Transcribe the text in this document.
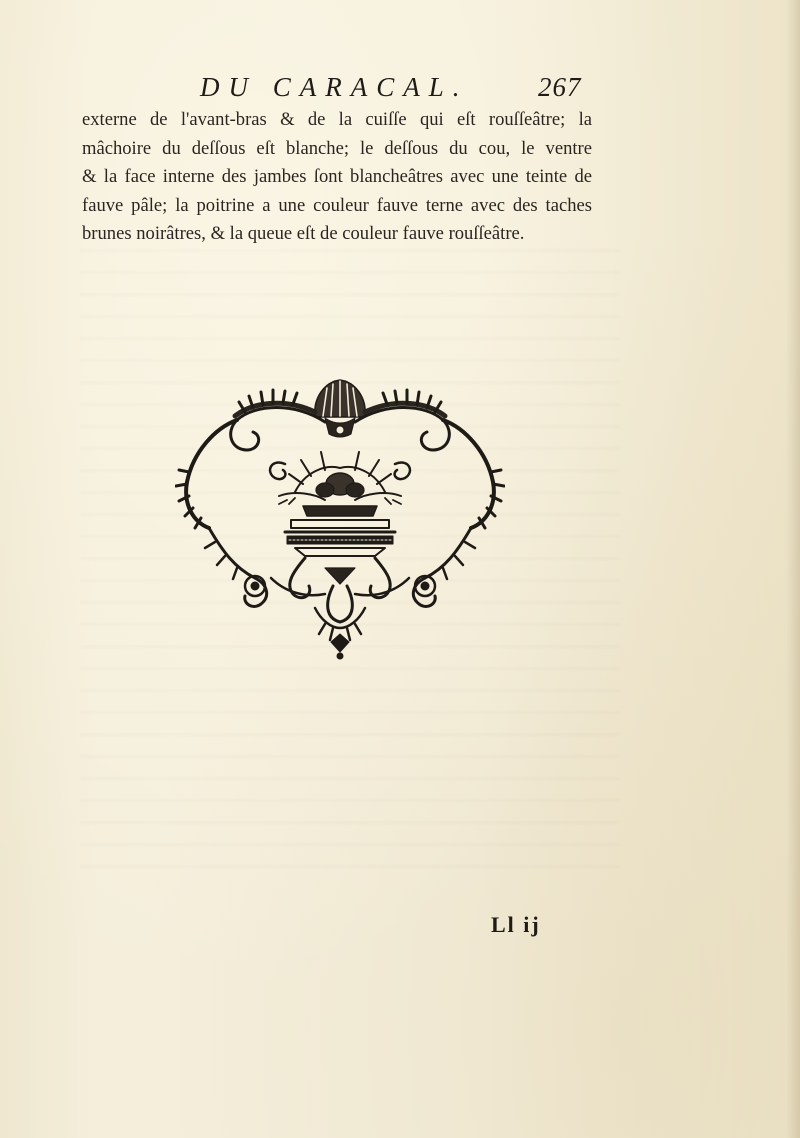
DU CARACAL.	267
externe de l'avant-bras & de la cuiſſe qui eſt rouſſeâtre; la
mâchoire du deſſous eſt blanche; le deſſous du cou, le ventre
& la face interne des jambes ſont blancheâtres avec une teinte de
fauve pâle; la poitrine a une couleur fauve terne avec des taches
brunes noirâtres, & la queue eſt de couleur fauve rouſſeâtre.
Ll ij
